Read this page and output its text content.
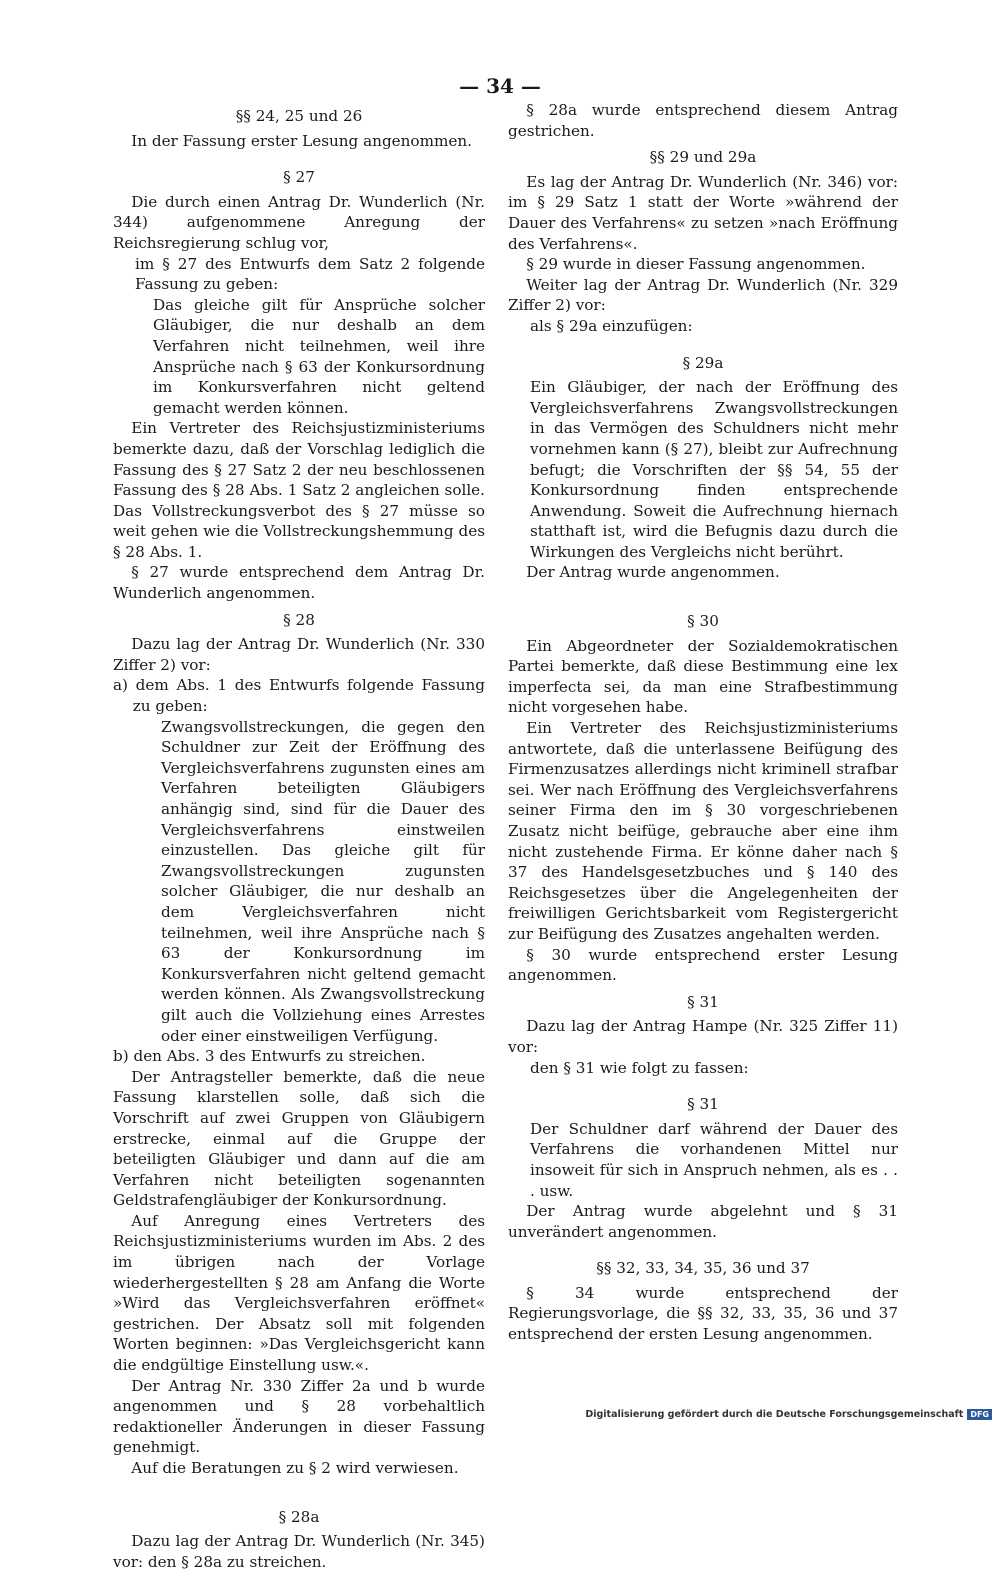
— 34 —

§§ 24, 25 und 26

In der Fassung erster Lesung angenommen.

§ 27

Die durch einen Antrag Dr. Wunderlich (Nr. 344) aufgenommene Anregung der Reichsregierung schlug vor,

im § 27 des Entwurfs dem Satz 2 folgende Fassung zu geben:

Das gleiche gilt für Ansprüche solcher Gläubiger, die nur deshalb an dem Verfahren nicht teilnehmen, weil ihre Ansprüche nach § 63 der Konkursordnung im Konkursverfahren nicht geltend gemacht werden können.

Ein Vertreter des Reichsjustizministeriums bemerkte dazu, daß der Vorschlag lediglich die Fassung des § 27 Satz 2 der neu beschlossenen Fassung des § 28 Abs. 1 Satz 2 angleichen solle. Das Vollstreckungsverbot des § 27 müsse so weit gehen wie die Vollstreckungshemmung des § 28 Abs. 1.

§ 27 wurde entsprechend dem Antrag Dr. Wunderlich angenommen.

§ 28

Dazu lag der Antrag Dr. Wunderlich (Nr. 330 Ziffer 2) vor:

a) dem Abs. 1 des Entwurfs folgende Fassung zu geben:

Zwangsvollstreckungen, die gegen den Schuldner zur Zeit der Eröffnung des Vergleichsverfahrens zugunsten eines am Verfahren beteiligten Gläubigers anhängig sind, sind für die Dauer des Vergleichsverfahrens einstweilen einzustellen. Das gleiche gilt für Zwangsvollstreckungen zugunsten solcher Gläubiger, die nur deshalb an dem Vergleichsverfahren nicht teilnehmen, weil ihre Ansprüche nach § 63 der Konkursordnung im Konkursverfahren nicht geltend gemacht werden können. Als Zwangsvollstreckung gilt auch die Vollziehung eines Arrestes oder einer einstweiligen Verfügung.

b) den Abs. 3 des Entwurfs zu streichen.

Der Antragsteller bemerkte, daß die neue Fassung klarstellen solle, daß sich die Vorschrift auf zwei Gruppen von Gläubigern erstrecke, einmal auf die Gruppe der beteiligten Gläubiger und dann auf die am Verfahren nicht beteiligten sogenannten Geldstrafengläubiger der Konkursordnung.

Auf Anregung eines Vertreters des Reichsjustizministeriums wurden im Abs. 2 des im übrigen nach der Vorlage wiederhergestellten § 28 am Anfang die Worte »Wird das Vergleichsverfahren eröffnet« gestrichen. Der Absatz soll mit folgenden Worten beginnen: »Das Vergleichsgericht kann die endgültige Einstellung usw.«.

Der Antrag Nr. 330 Ziffer 2a und b wurde angenommen und § 28 vorbehaltlich redaktioneller Änderungen in dieser Fassung genehmigt.

Auf die Beratungen zu § 2 wird verwiesen.

§ 28a

Dazu lag der Antrag Dr. Wunderlich (Nr. 345) vor: den § 28a zu streichen.

§ 28a wurde entsprechend diesem Antrag gestrichen.

§§ 29 und 29a

Es lag der Antrag Dr. Wunderlich (Nr. 346) vor: im § 29 Satz 1 statt der Worte »während der Dauer des Verfahrens« zu setzen »nach Eröffnung des Verfahrens«.

§ 29 wurde in dieser Fassung angenommen.

Weiter lag der Antrag Dr. Wunderlich (Nr. 329 Ziffer 2) vor:

als § 29a einzufügen:

§ 29a

Ein Gläubiger, der nach der Eröffnung des Vergleichsverfahrens Zwangsvollstreckungen in das Vermögen des Schuldners nicht mehr vornehmen kann (§ 27), bleibt zur Aufrechnung befugt; die Vorschriften der §§ 54, 55 der Konkursordnung finden entsprechende Anwendung. Soweit die Aufrechnung hiernach statthaft ist, wird die Befugnis dazu durch die Wirkungen des Vergleichs nicht berührt.

Der Antrag wurde angenommen.

§ 30

Ein Abgeordneter der Sozialdemokratischen Partei bemerkte, daß diese Bestimmung eine lex imperfecta sei, da man eine Strafbestimmung nicht vorgesehen habe.

Ein Vertreter des Reichsjustizministeriums antwortete, daß die unterlassene Beifügung des Firmenzusatzes allerdings nicht kriminell strafbar sei. Wer nach Eröffnung des Vergleichsverfahrens seiner Firma den im § 30 vorgeschriebenen Zusatz nicht beifüge, gebrauche aber eine ihm nicht zustehende Firma. Er könne daher nach § 37 des Handelsgesetzbuches und § 140 des Reichsgesetzes über die Angelegenheiten der freiwilligen Gerichtsbarkeit vom Registergericht zur Beifügung des Zusatzes angehalten werden.

§ 30 wurde entsprechend erster Lesung angenommen.

§ 31

Dazu lag der Antrag Hampe (Nr. 325 Ziffer 11) vor:

den § 31 wie folgt zu fassen:

§ 31

Der Schuldner darf während der Dauer des Verfahrens die vorhandenen Mittel nur insoweit für sich in Anspruch nehmen, als es . . . usw.

Der Antrag wurde abgelehnt und § 31 unverändert angenommen.

§§ 32, 33, 34, 35, 36 und 37

§ 34 wurde entsprechend der Regierungsvorlage, die §§ 32, 33, 35, 36 und 37 entsprechend der ersten Lesung angenommen.

Digitalisierung gefördert durch die Deutsche Forschungsgemeinschaft DFG
